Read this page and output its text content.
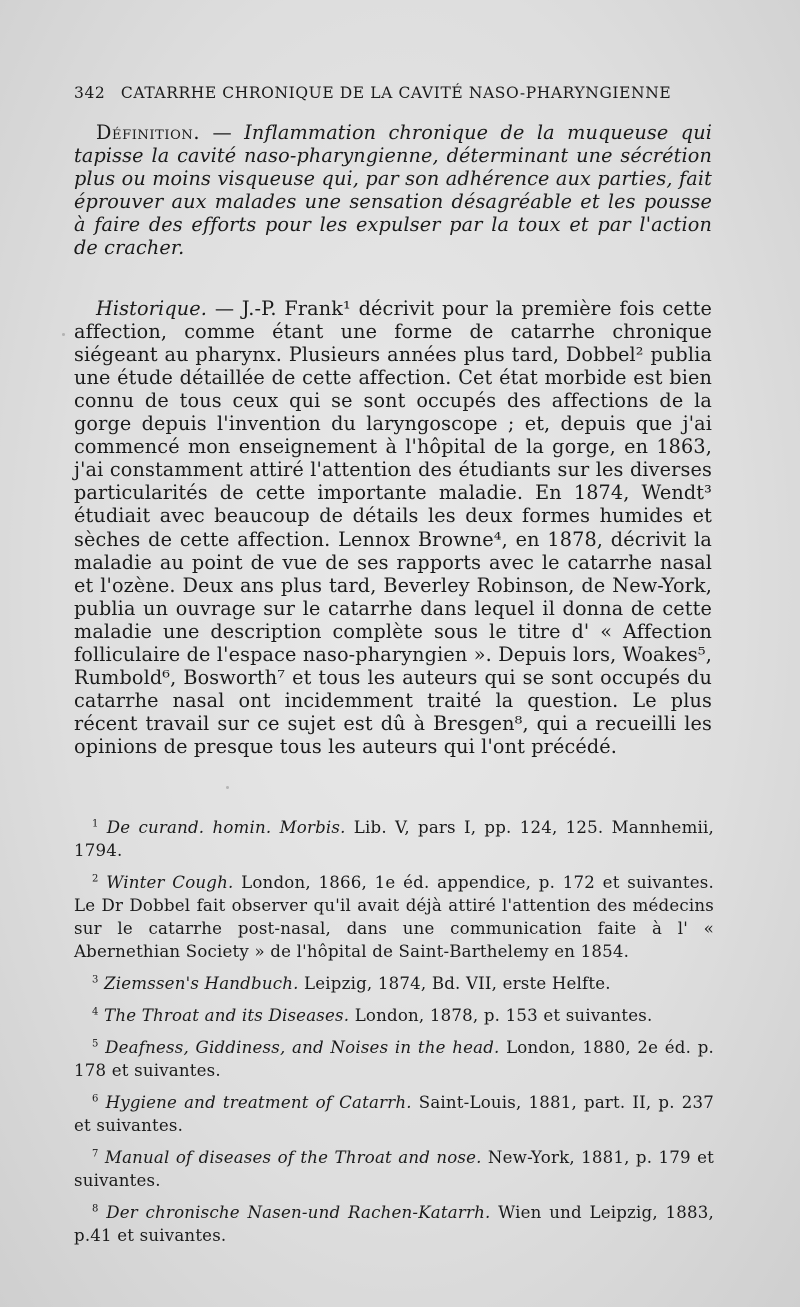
342 CATARRHE CHRONIQUE DE LA CAVITÉ NASO-PHARYNGIENNE

Définition. — Inflammation chronique de la muqueuse qui tapisse la cavité naso-pharyngienne, déterminant une sécrétion plus ou moins visqueuse qui, par son adhérence aux parties, fait éprouver aux malades une sensation désagréable et les pousse à faire des efforts pour les expulser par la toux et par l'action de cracher.

Historique. — J.-P. Frank¹ décrivit pour la première fois cette affection, comme étant une forme de catarrhe chronique siégeant au pharynx. Plusieurs années plus tard, Dobbel² publia une étude détaillée de cette affection. Cet état morbide est bien connu de tous ceux qui se sont occupés des affections de la gorge depuis l'invention du laryngoscope ; et, depuis que j'ai commencé mon enseignement à l'hôpital de la gorge, en 1863, j'ai constamment attiré l'attention des étudiants sur les diverses particularités de cette importante maladie. En 1874, Wendt³ étudiait avec beaucoup de détails les deux formes humides et sèches de cette affection. Lennox Browne⁴, en 1878, décrivit la maladie au point de vue de ses rapports avec le catarrhe nasal et l'ozène. Deux ans plus tard, Beverley Robinson, de New-York, publia un ouvrage sur le catarrhe dans lequel il donna de cette maladie une description complète sous le titre d' « Affection folliculaire de l'espace naso-pharyngien ». Depuis lors, Woakes⁵, Rumbold⁶, Bosworth⁷ et tous les auteurs qui se sont occupés du catarrhe nasal ont incidemment traité la question. Le plus récent travail sur ce sujet est dû à Bresgen⁸, qui a recueilli les opinions de presque tous les auteurs qui l'ont précédé.

$^1$ De curand. homin. Morbis. Lib. V, pars I, pp. 124, 125. Mannhemii, 1794.

$^2$ Winter Cough. London, 1866, 1e éd. appendice, p. 172 et suivantes. Le Dr Dobbel fait observer qu'il avait déjà attiré l'attention des médecins sur le catarrhe post-nasal, dans une communication faite à l' « Abernethian Society » de l'hôpital de Saint-Barthelemy en 1854.

$^3$ Ziemssen's Handbuch. Leipzig, 1874, Bd. VII, erste Helfte.

$^4$ The Throat and its Diseases. London, 1878, p. 153 et suivantes.

$^5$ Deafness, Giddiness, and Noises in the head. London, 1880, 2e éd. p. 178 et suivantes.

$^6$ Hygiene and treatment of Catarrh. Saint-Louis, 1881, part. II, p. 237 et suivantes.

$^7$ Manual of diseases of the Throat and nose. New-York, 1881, p. 179 et suivantes.

$^8$ Der chronische Nasen-und Rachen-Katarrh. Wien und Leipzig, 1883, p.41 et suivantes.
